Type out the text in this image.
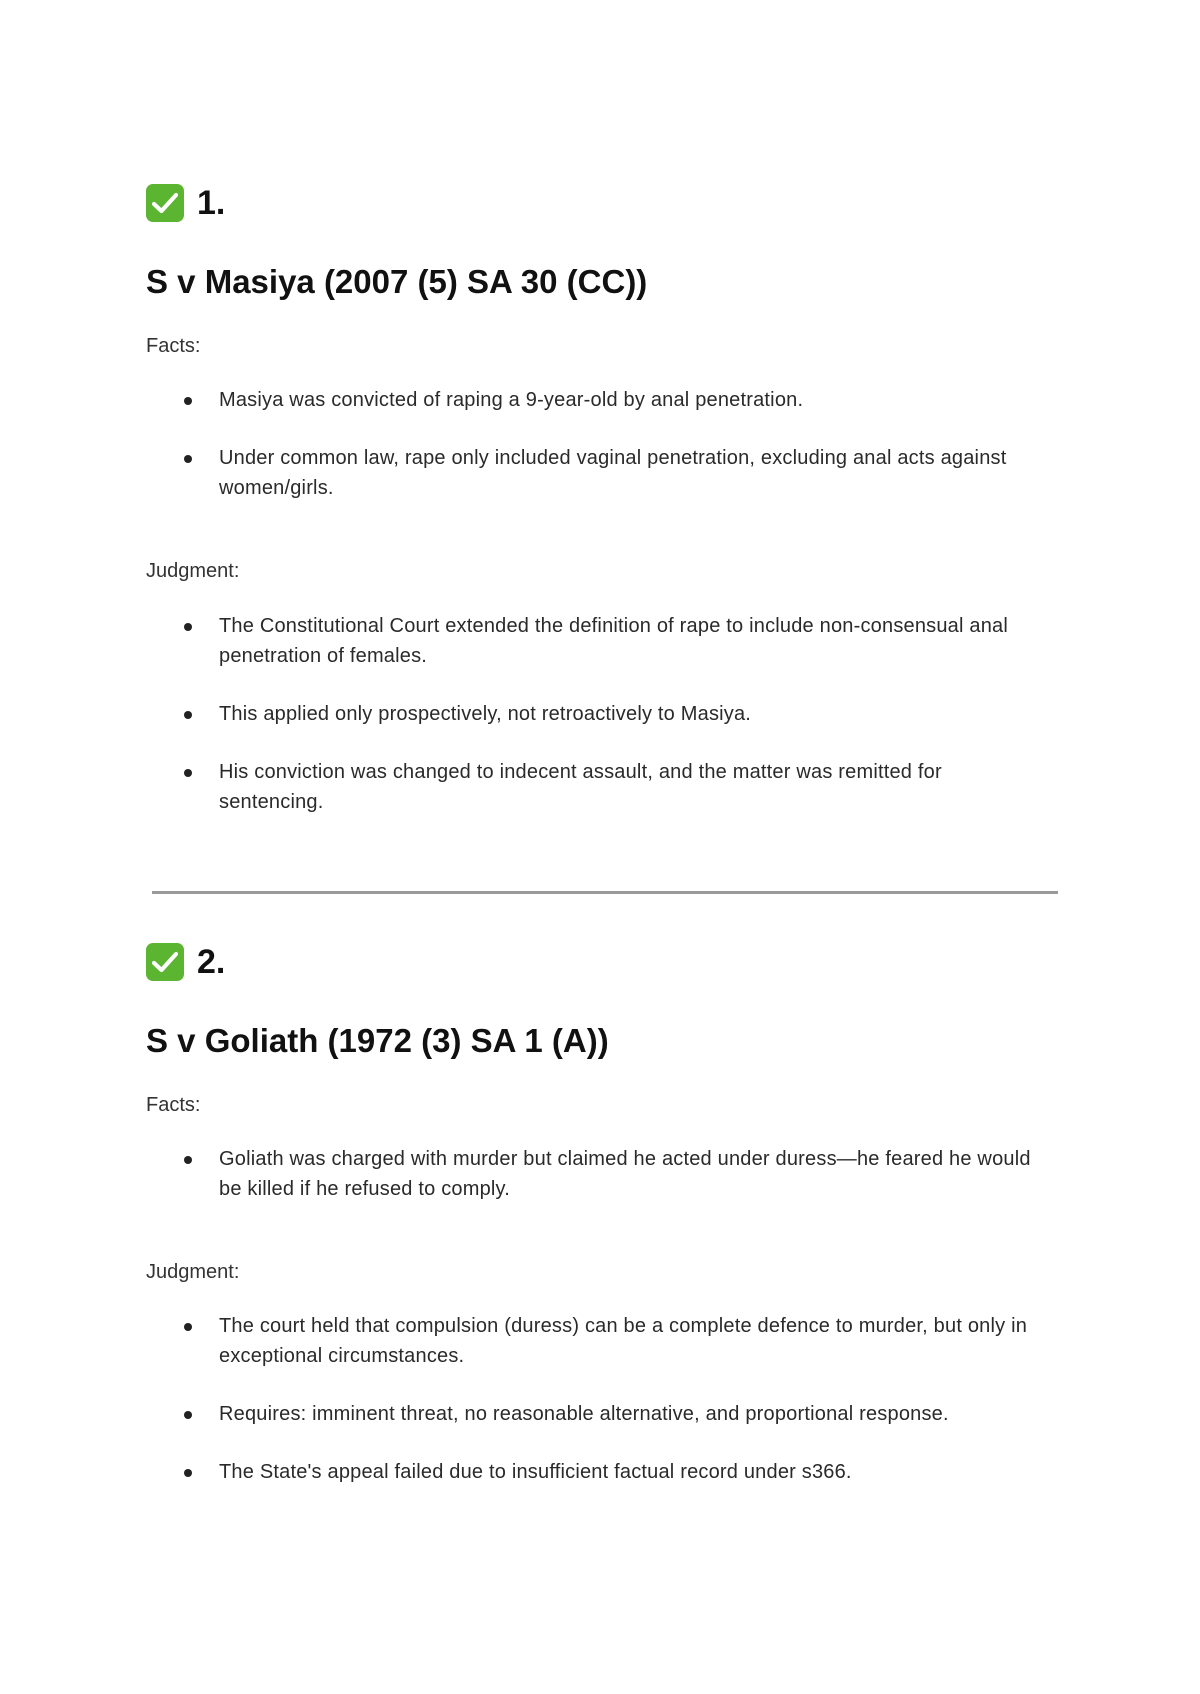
1.
S v Masiya (2007 (5) SA 30 (CC))
Facts:
Masiya was convicted of raping a 9-year-old by anal penetration.
Under common law, rape only included vaginal penetration, excluding anal acts against women/girls.
Judgment:
The Constitutional Court extended the definition of rape to include non-consensual anal penetration of females.
This applied only prospectively, not retroactively to Masiya.
His conviction was changed to indecent assault, and the matter was remitted for sentencing.
2.
S v Goliath (1972 (3) SA 1 (A))
Facts:
Goliath was charged with murder but claimed he acted under duress—he feared he would be killed if he refused to comply.
Judgment:
The court held that compulsion (duress) can be a complete defence to murder, but only in exceptional circumstances.
Requires: imminent threat, no reasonable alternative, and proportional response.
The State's appeal failed due to insufficient factual record under s366.
